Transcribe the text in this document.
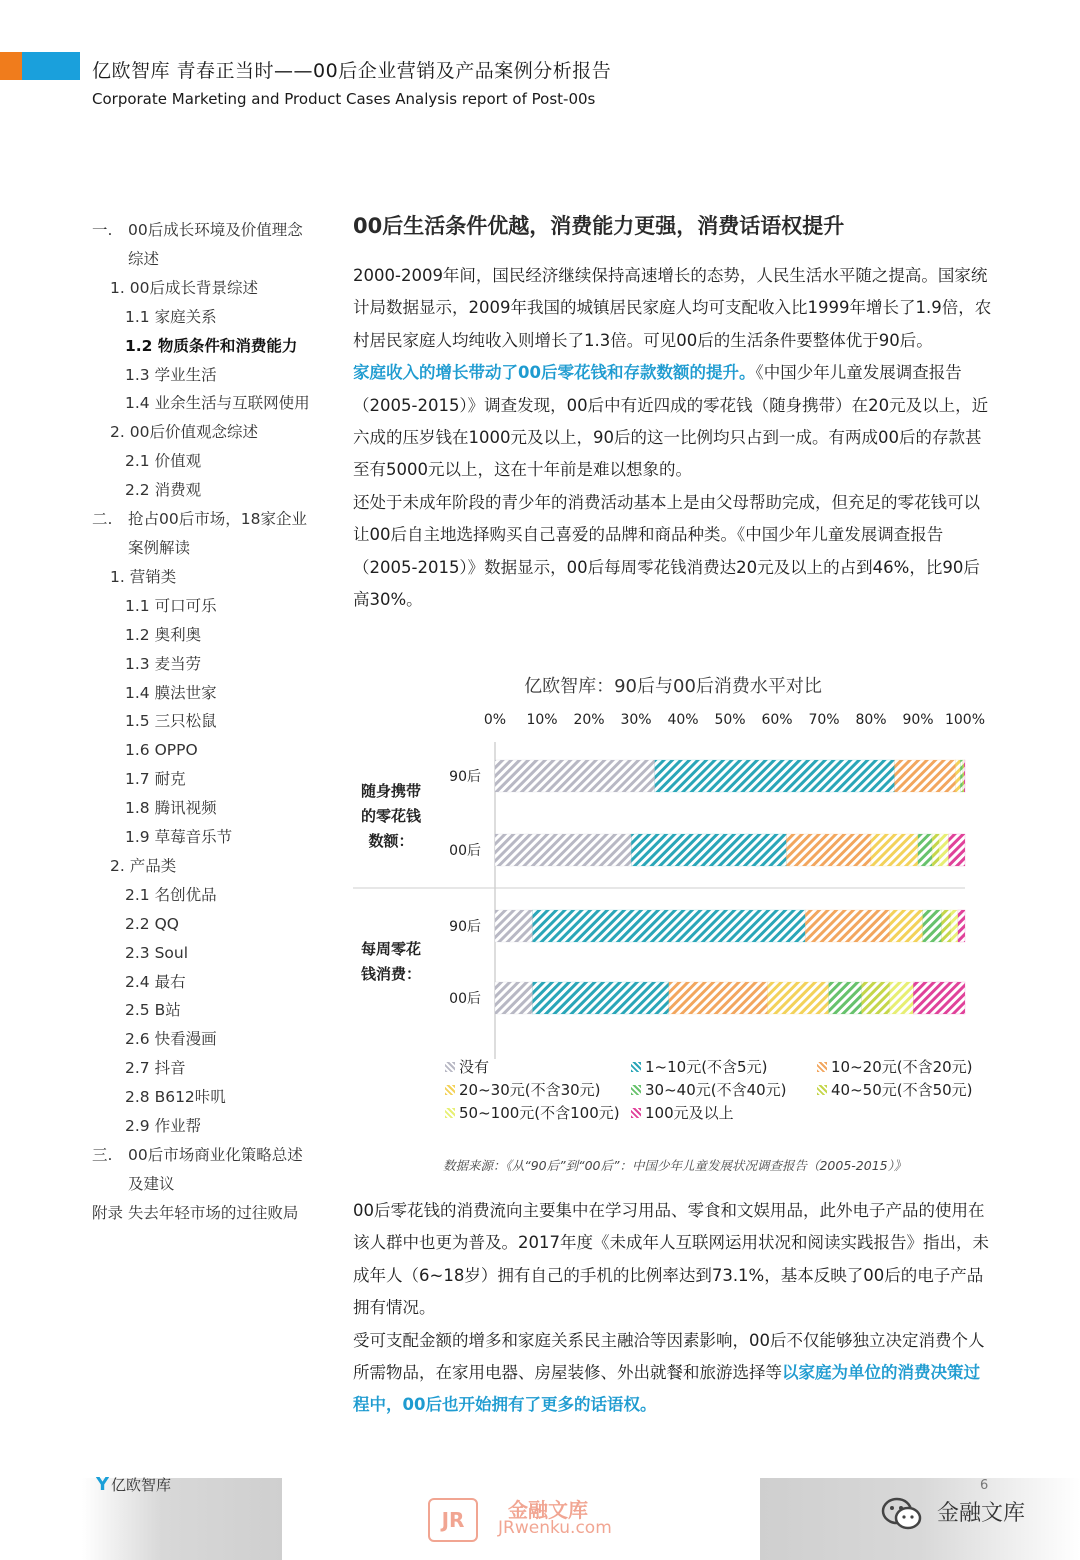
亿欧智库 青春正当时——00后企业营销及产品案例分析报告
Corporate Marketing and Product Cases Analysis report of Post-00s
一. 00后成长环境及价值理念
综述
1. 00后成长背景综述
1.1 家庭关系
1.2 物质条件和消费能力
1.3 学业生活
1.4 业余生活与互联网使用
2. 00后价值观念综述
2.1 价值观
2.2 消费观
二. 抢占00后市场，18家企业
案例解读
1. 营销类
1.1 可口可乐
1.2 奥利奥
1.3 麦当劳
1.4 膜法世家
1.5 三只松鼠
1.6 OPPO
1.7 耐克
1.8 腾讯视频
1.9 草莓音乐节
2. 产品类
2.1 名创优品
2.2 QQ
2.3 Soul
2.4 最右
2.5 B站
2.6 快看漫画
2.7 抖音
2.8 B612咔叽
2.9 作业帮
三. 00后市场商业化策略总述
及建议
附录 失去年轻市场的过往败局
00后生活条件优越，消费能力更强，消费话语权提升

2000-2009年间，国民经济继续保持高速增长的态势，人民生活水平随之提高。国家统计局数据显示，2009年我国的城镇居民家庭人均可支配收入比1999年增长了1.9倍，农村居民家庭人均纯收入则增长了1.3倍。可见00后的生活条件要整体优于90后。

家庭收入的增长带动了00后零花钱和存款数额的提升。《中国少年儿童发展调查报告（2005-2015）》调查发现，00后中有近四成的零花钱（随身携带）在20元及以上，近六成的压岁钱在1000元及以上，90后的这一比例均只占到一成。有两成00后的存款甚至有5000元以上，这在十年前是难以想象的。

还处于未成年阶段的青少年的消费活动基本上是由父母帮助完成，但充足的零花钱可以让00后自主地选择购买自己喜爱的品牌和商品种类。《中国少年儿童发展调查报告（2005-2015）》数据显示，00后每周零花钱消费达20元及以上的占到46%，比90后高30%。

亿欧智库：90后与00后消费水平对比
0% 10% 20% 30% 40% 50% 60% 70% 80% 90% 100%
随身携带
的零花钱
数额：
90后
00后
每周零花
钱消费：
90后
00后
没有	1~10元(不含5元)	10~20元(不含20元)
20~30元(不含30元)	30~40元(不含40元)	40~50元(不含50元)
50~100元(不含100元)	100元及以上
数据来源：《从“90后”到“00后”：中国少年儿童发展状况调查报告（2005-2015）》

00后零花钱的消费流向主要集中在学习用品、零食和文娱用品，此外电子产品的使用在该人群中也更为普及。2017年度《未成年人互联网运用状况和阅读实践报告》指出，未成年人（6~18岁）拥有自己的手机的比例率达到73.1%，基本反映了00后的电子产品拥有情况。

受可支配金额的增多和家庭关系民主融洽等因素影响，00后不仅能够独立决定消费个人所需物品，在家用电器、房屋装修、外出就餐和旅游选择等以家庭为单位的消费决策过程中，00后也开始拥有了更多的话语权。

Y 亿欧智库
JR	金融文库
JRwenku.com
6
金融文库
